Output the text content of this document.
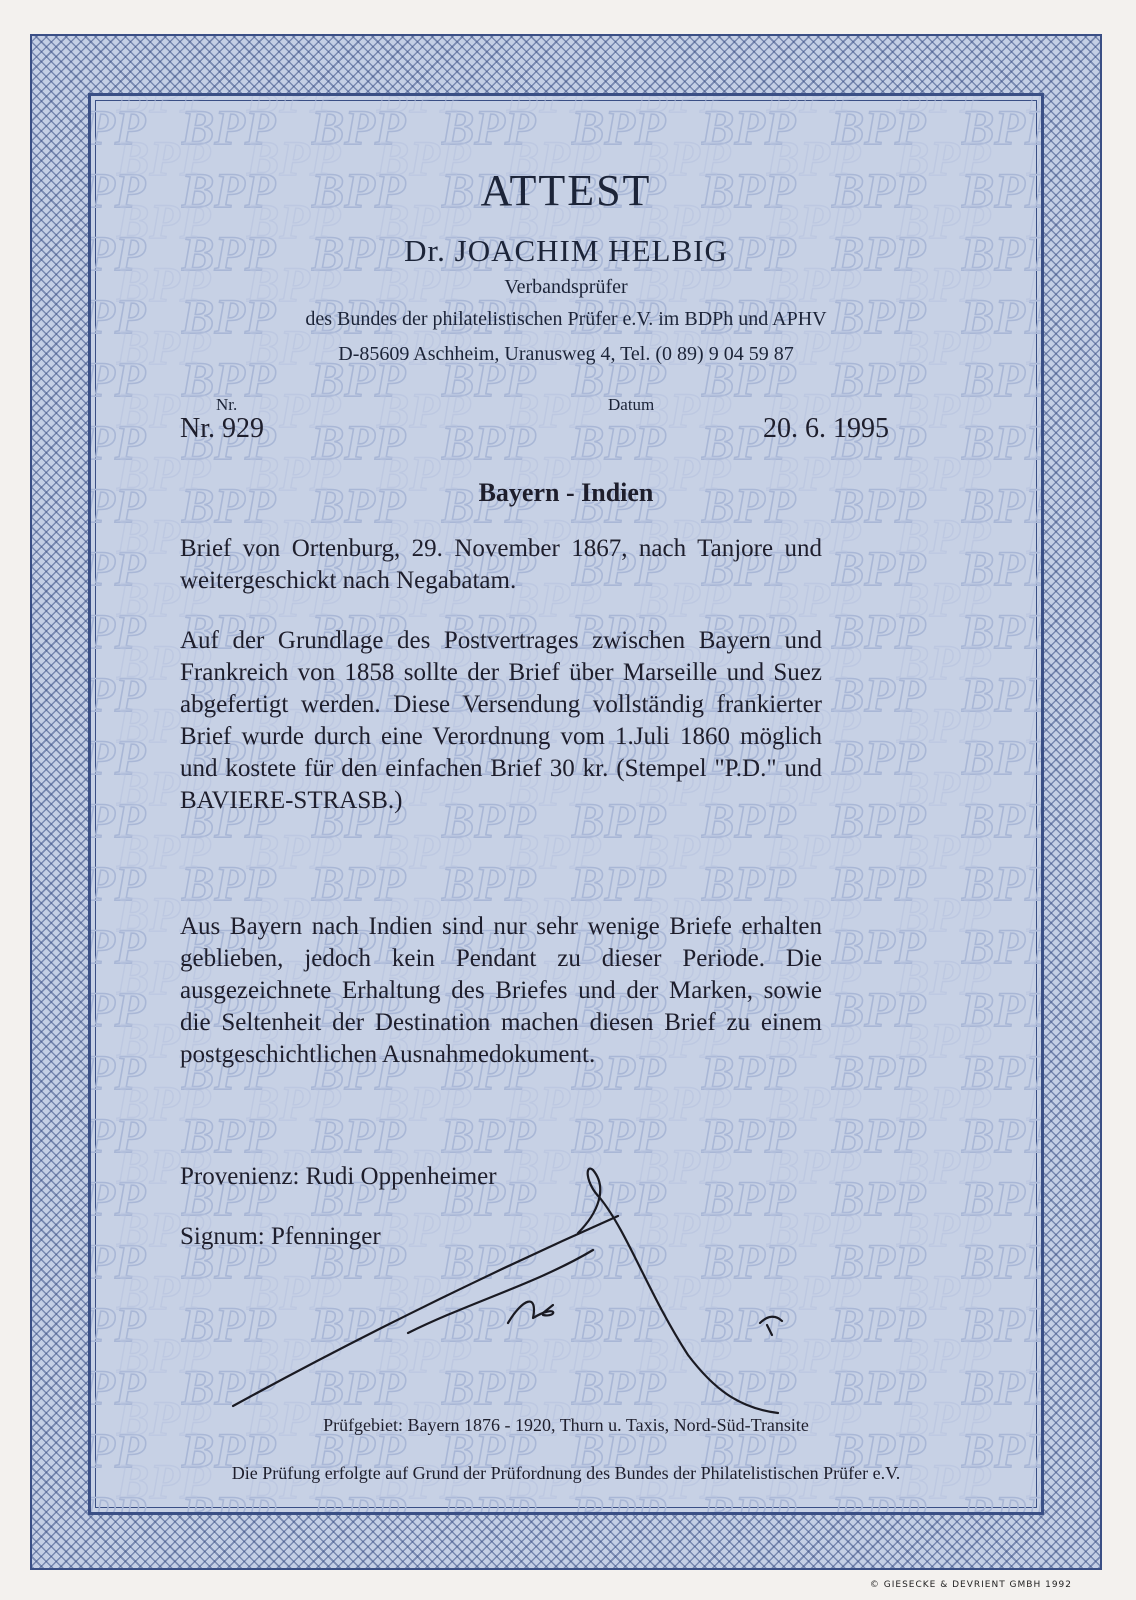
ATTEST
Dr. JOACHIM HELBIG
Verbandsprüfer
des Bundes der philatelistischen Prüfer e.V. im BDPh und APHV
D-85609 Aschheim, Uranusweg 4, Tel. (0 89) 9 04 59 87
Nr.	Datum
Nr. 929	20. 6. 1995
Bayern - Indien
Brief von Ortenburg, 29. November 1867, nach Tanjore und weitergeschickt nach Negabatam.
Auf der Grundlage des Postvertrages zwischen Bayern und Frankreich von 1858 sollte der Brief über Marseille und Suez abgefertigt werden. Diese Versendung vollständig frankierter Brief wurde durch eine Verordnung vom 1.Juli 1860 möglich und kostete für den einfachen Brief 30 kr. (Stempel "P.D." und BAVIERE-STRASB.)
Aus Bayern nach Indien sind nur sehr wenige Briefe erhalten geblieben, jedoch kein Pendant zu dieser Periode. Die ausgezeichnete Erhaltung des Briefes und der Marken, sowie die Seltenheit der Destination machen diesen Brief zu einem postgeschichtlichen Ausnahmedokument.
Provenienz: Rudi Oppenheimer
Signum: Pfenninger
Prüfgebiet: Bayern 1876 - 1920, Thurn u. Taxis, Nord-Süd-Transite
Die Prüfung erfolgte auf Grund der Prüfordnung des Bundes der Philatelistischen Prüfer e.V.
© GIESECKE & DEVRIENT GMBH 1992
